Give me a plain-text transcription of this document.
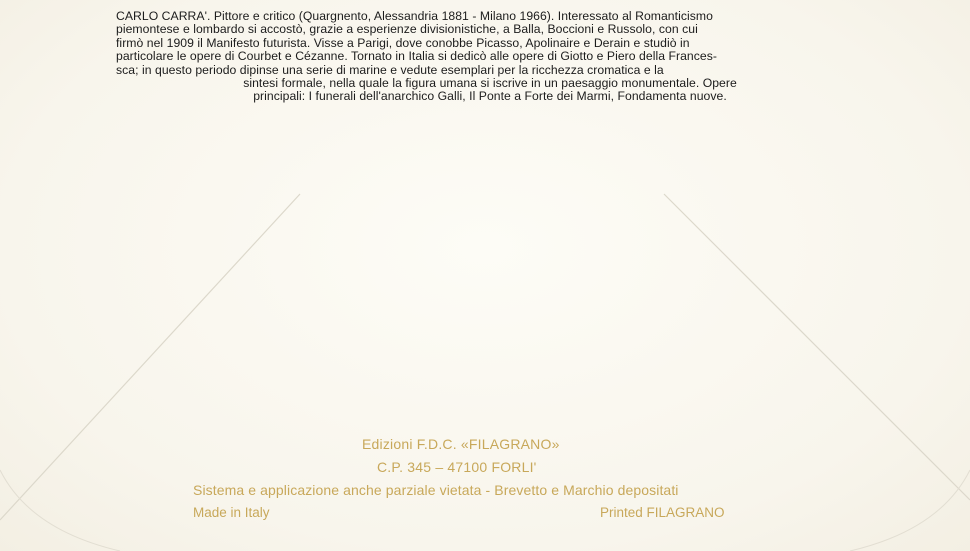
CARLO CARRA'. Pittore e critico (Quargnento, Alessandria 1881 - Milano 1966). Interessato al Romanticismo
piemontese e lombardo si accostò, grazie a esperienze divisionistiche, a Balla, Boccioni e Russolo, con cui
firmò nel 1909 il Manifesto futurista. Visse a Parigi, dove conobbe Picasso, Apolinaire e Derain e studiò in
particolare le opere di Courbet e Cézanne. Tornato in Italia si dedicò alle opere di Giotto e Piero della Frances-
sca; in questo periodo dipinse una serie di marine e vedute esemplari per la ricchezza cromatica e la
sintesi formale, nella quale la figura umana si iscrive in un paesaggio monumentale. Opere
principali: I funerali dell'anarchico Galli, Il Ponte a Forte dei Marmi, Fondamenta nuove.
Edizioni F.D.C. «FILAGRANO»
C.P. 345 – 47100 FORLI'
Sistema e applicazione anche parziale vietata - Brevetto e Marchio depositati
Made in Italy	Printed FILAGRANO
